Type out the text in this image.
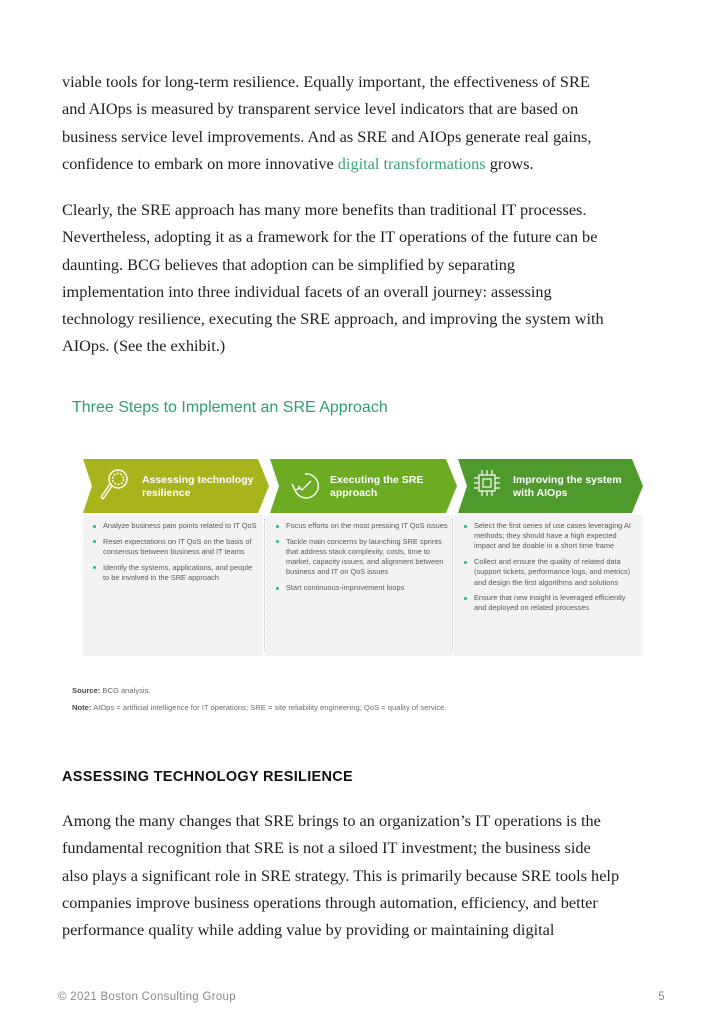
viable tools for long-term resilience. Equally important, the effectiveness of SRE
and AIOps is measured by transparent service level indicators that are based on
business service level improvements. And as SRE and AIOps generate real gains,
confidence to embark on more innovative digital transformations grows.

Clearly, the SRE approach has many more benefits than traditional IT processes.
Nevertheless, adopting it as a framework for the IT operations of the future can be
daunting. BCG believes that adoption can be simplified by separating
implementation into three individual facets of an overall journey: assessing
technology resilience, executing the SRE approach, and improving the system with
AIOps. (See the exhibit.)

Three Steps to Implement an SRE Approach

Assessing technology
resilience
Executing the SRE
approach
Improving the system
with AIOps
Analyze business pain points related to IT QoS
Reset expectations on IT QoS on the basis of consensus between business and IT teams
Identify the systems, applications, and people to be involved in the SRE approach
Focus efforts on the most pressing IT QoS issues
Tackle main concerns by launching SRE sprints that address stack complexity, costs, time to market, capacity issues, and alignment between business and IT on QoS issues
Start continuous-improvement loops
Select the first series of use cases leveraging AI methods; they should have a high expected impact and be doable in a short time frame
Collect and ensure the quality of related data (support tickets, performance logs, and metrics) and design the first algorithms and solutions
Ensure that new insight is leveraged efficiently and deployed on related processes

Source: BCG analysis.

Note: AIOps = artificial intelligence for IT operations; SRE = site reliability engineering; QoS = quality of service.

ASSESSING TECHNOLOGY RESILIENCE

Among the many changes that SRE brings to an organization’s IT operations is the
fundamental recognition that SRE is not a siloed IT investment; the business side
also plays a significant role in SRE strategy. This is primarily because SRE tools help
companies improve business operations through automation, efficiency, and better
performance quality while adding value by providing or maintaining digital

© 2021 Boston Consulting Group	5
